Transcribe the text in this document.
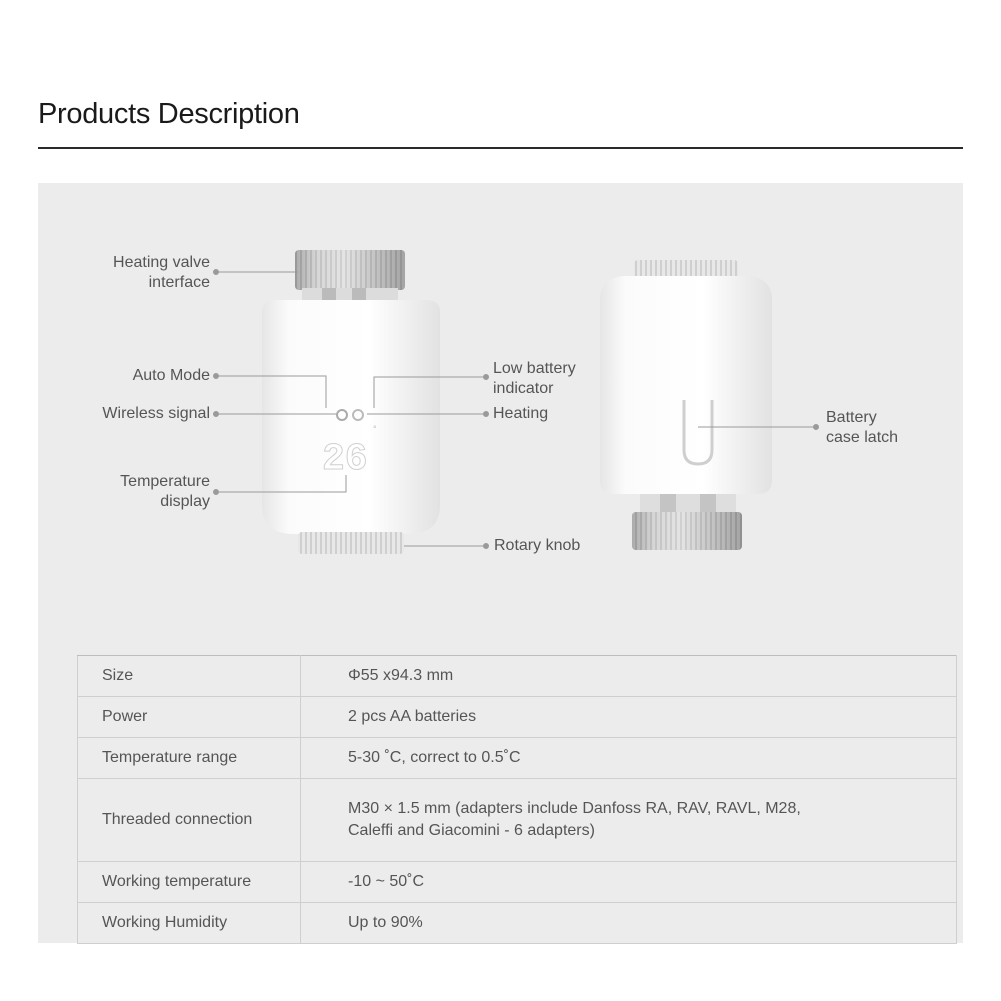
Products Description
26
°
Heating valve
interface
Auto Mode
Wireless signal
Temperature
display
Low battery
indicator
Heating
Rotary knob
Battery
case latch
Size	Φ55 x94.3 mm

Power	2 pcs AA batteries

Temperature range	5-30 ˚C, correct to 0.5˚C

Threaded connection	M30 × 1.5 mm (adapters include Danfoss RA, RAV, RAVL, M28,
Caleffi and Giacomini - 6 adapters)

Working temperature	-10 ~ 50˚C

Working Humidity	Up to 90%
